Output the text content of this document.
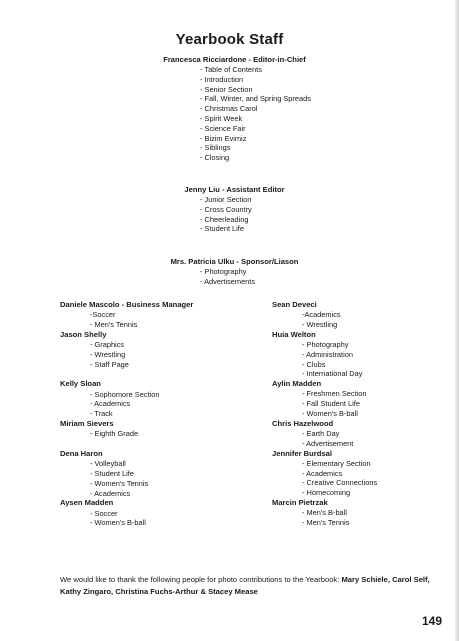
Yearbook Staff
Francesca Ricciardone - Editor-in-Chief
- Table of Contents
- Introduction
- Senior Section
- Fall, Winter, and Spring Spreads
- Christmas Carol
- Spirit Week
- Science Fair
- Bizim Evimiz
- Siblings
- Closing
Jenny Liu - Assistant Editor
- Junior Section
- Cross Country
- Cheerleading
- Student Life
Mrs. Patricia Ulku - Sponsor/Liason
- Photography
- Advertisements
Daniele Mascolo - Business Manager
-Soccer
- Men's Tennis
Jason Shelly
- Graphics
- Wrestling
- Staff Page
Kelly Sloan
- Sophomore Section
- Academics
- Track
Miriam Sievers
- Eighth Grade
Dena Haron
- Volleyball
- Student Life
- Women's Tennis
- Academics
Aysen Madden
- Soccer
- Women's B-ball
Sean Deveci
-Academics
- Wrestling
Huia Welton
- Photography
- Administration
- Clubs
- International Day
Aylin Madden
- Freshmen Section
- Fall Student Life
- Women's B-ball
Chris Hazelwood
- Earth Day
- Advertisement
Jennifer Burdsal
- Elementary Section
- Academics
- Creative Connections
- Homecoming
Marcin Pietrzak
- Men's B-ball
- Men's Tennis
We would like to thank the following people for photo contributions to the Yearbook: Mary Schiele, Carol Self, Kathy Zingaro, Christina Fuchs-Arthur & Stacey Mease
149
